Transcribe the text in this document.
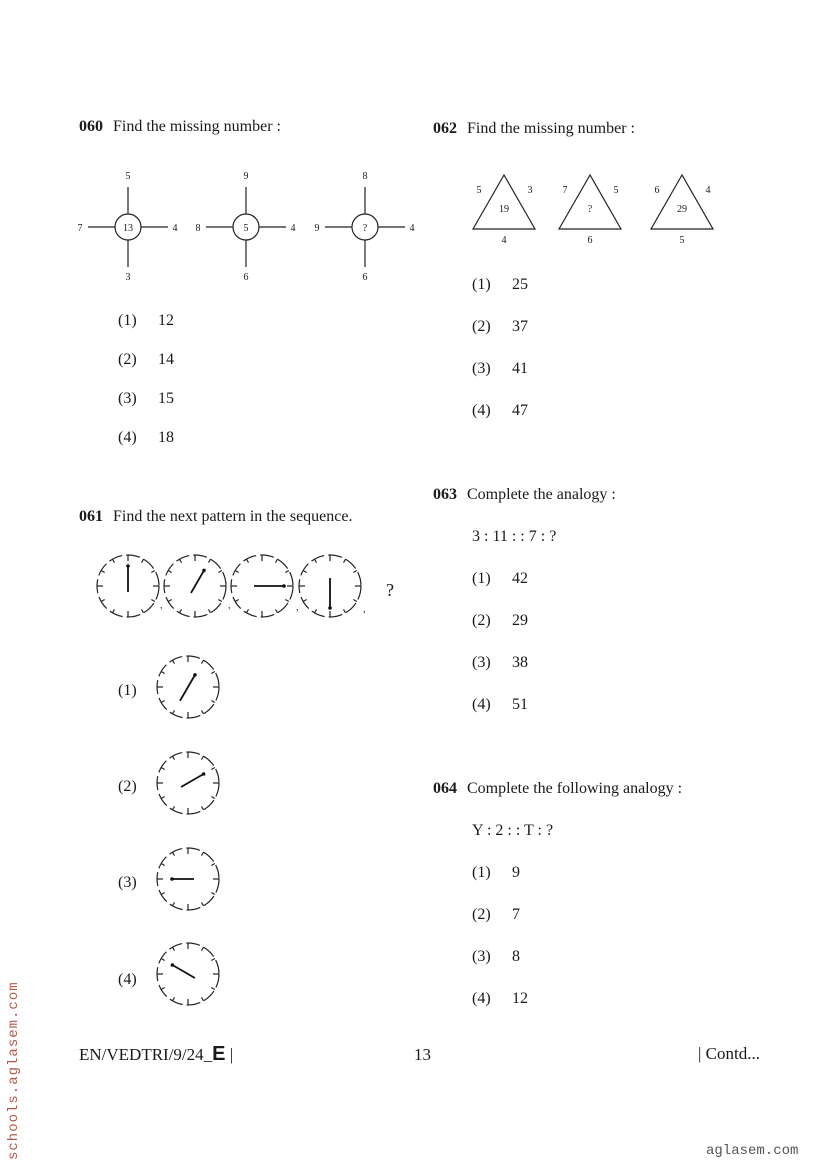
060 Find the missing number :
5
7	4
3
13
9
8	4
6
5
8
9	4
6
?
(1) 12
(2) 14
(3) 15
(4) 18
061 Find the next pattern in the sequence.
,	,	,	,
?
(1)
(2)
(3)
(4)
062 Find the missing number :
5	3
19
4
7	5
?
6
6	4
29
5
(1) 25
(2) 37
(3) 41
(4) 47
063 Complete the analogy :
3 : 11 : : 7 : ?
(1) 42
(2) 29
(3) 38
(4) 51
064 Complete the following analogy :
Y : 2 : : T : ?
(1) 9
(2) 7
(3) 8
(4) 12
EN/VEDTRI/9/24_E |	13	| Contd...
schools.aglasem.com	aglasem.com
